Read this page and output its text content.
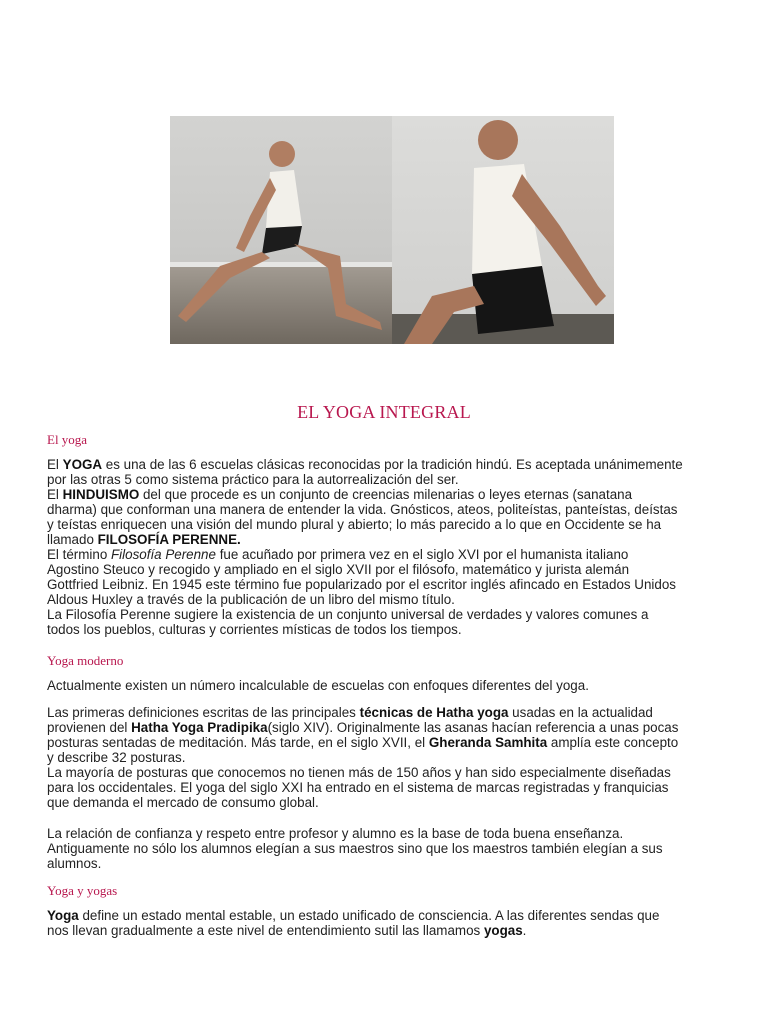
EL YOGA INTEGRAL
El yoga
El YOGA es una de las 6 escuelas clásicas reconocidas por la tradición hindú. Es aceptada unánimemente
por las otras 5 como sistema práctico para la autorrealización del ser.
El HINDUISMO del que procede es un conjunto de creencias milenarias o leyes eternas (sanatana
dharma) que conforman una manera de entender la vida. Gnósticos, ateos, politeístas, panteístas, deístas
y teístas enriquecen una visión del mundo plural y abierto; lo más parecido a lo que en Occidente se ha
llamado FILOSOFÍA PERENNE.
El término Filosofía Perenne fue acuñado por primera vez en el siglo XVI por el humanista italiano
Agostino Steuco y recogido y ampliado en el siglo XVII por el filósofo, matemático y jurista alemán
Gottfried Leibniz. En 1945 este término fue popularizado por el escritor inglés afincado en Estados Unidos
Aldous Huxley a través de la publicación de un libro del mismo título.
La Filosofía Perenne sugiere la existencia de un conjunto universal de verdades y valores comunes a
todos los pueblos, culturas y corrientes místicas de todos los tiempos.
Yoga moderno
Actualmente existen un número incalculable de escuelas con enfoques diferentes del yoga.
Las primeras definiciones escritas de las principales técnicas de Hatha yoga usadas en la actualidad
provienen del Hatha Yoga Pradipika(siglo XIV). Originalmente las asanas hacían referencia a unas pocas
posturas sentadas de meditación. Más tarde, en el siglo XVII, el Gheranda Samhita amplía este concepto
y describe 32 posturas.
La mayoría de posturas que conocemos no tienen más de 150 años y han sido especialmente diseñadas
para los occidentales. El yoga del siglo XXI ha entrado en el sistema de marcas registradas y franquicias
que demanda el mercado de consumo global.
La relación de confianza y respeto entre profesor y alumno es la base de toda buena enseñanza.
Antiguamente no sólo los alumnos elegían a sus maestros sino que los maestros también elegían a sus
alumnos.
Yoga y yogas
Yoga define un estado mental estable, un estado unificado de consciencia. A las diferentes sendas que
nos llevan gradualmente a este nivel de entendimiento sutil las llamamos yogas.
